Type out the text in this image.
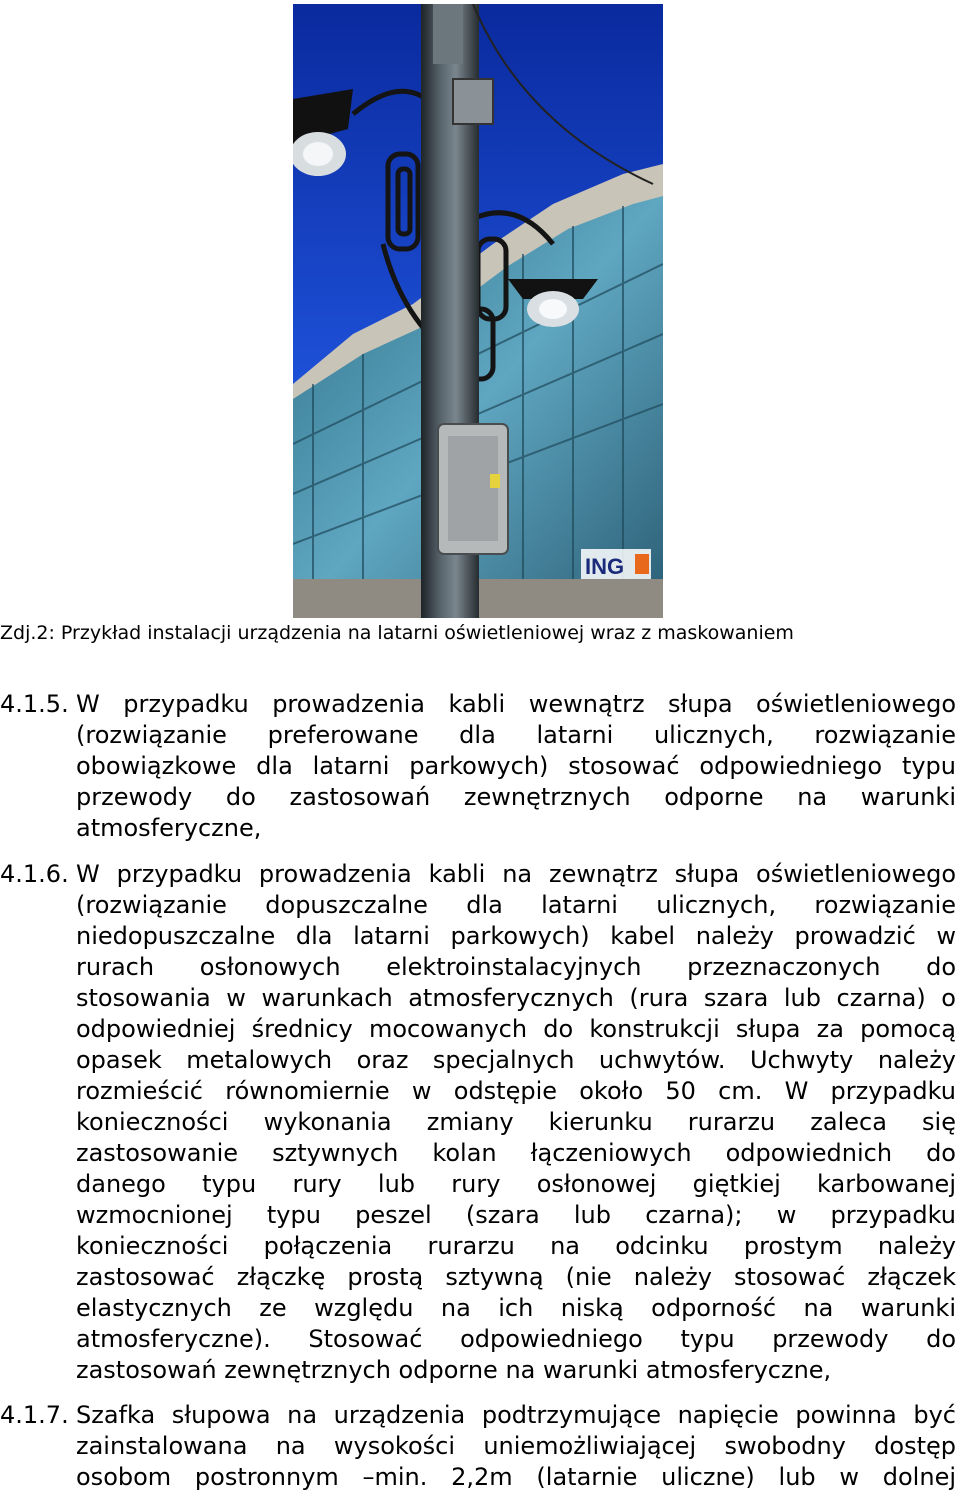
ING
Zdj.2: Przykład instalacji urządzenia na latarni oświetleniowej wraz z maskowaniem
4.1.5. W przypadku prowadzenia kabli wewnątrz słupa oświetleniowego
(rozwiązanie preferowane dla latarni ulicznych, rozwiązanie
obowiązkowe dla latarni parkowych) stosować odpowiedniego typu
przewody do zastosowań zewnętrznych odporne na warunki
atmosferyczne,
4.1.6. W przypadku prowadzenia kabli na zewnątrz słupa oświetleniowego
(rozwiązanie dopuszczalne dla latarni ulicznych, rozwiązanie
niedopuszczalne dla latarni parkowych) kabel należy prowadzić w
rurach osłonowych elektroinstalacyjnych przeznaczonych do
stosowania w warunkach atmosferycznych (rura szara lub czarna) o
odpowiedniej średnicy mocowanych do konstrukcji słupa za pomocą
opasek metalowych oraz specjalnych uchwytów. Uchwyty należy
rozmieścić równomiernie w odstępie około 50 cm. W przypadku
konieczności wykonania zmiany kierunku rurarzu zaleca się
zastosowanie sztywnych kolan łączeniowych odpowiednich do
danego typu rury lub rury osłonowej giętkiej karbowanej
wzmocnionej typu peszel (szara lub czarna); w przypadku
konieczności połączenia rurarzu na odcinku prostym należy
zastosować złączkę prostą sztywną (nie należy stosować złączek
elastycznych ze względu na ich niską odporność na warunki
atmosferyczne). Stosować odpowiedniego typu przewody do
zastosowań zewnętrznych odporne na warunki atmosferyczne,
4.1.7. Szafka słupowa na urządzenia podtrzymujące napięcie powinna być
zainstalowana na wysokości uniemożliwiającej swobodny dostęp
osobom postronnym –min. 2,2m (latarnie uliczne) lub w dolnej
